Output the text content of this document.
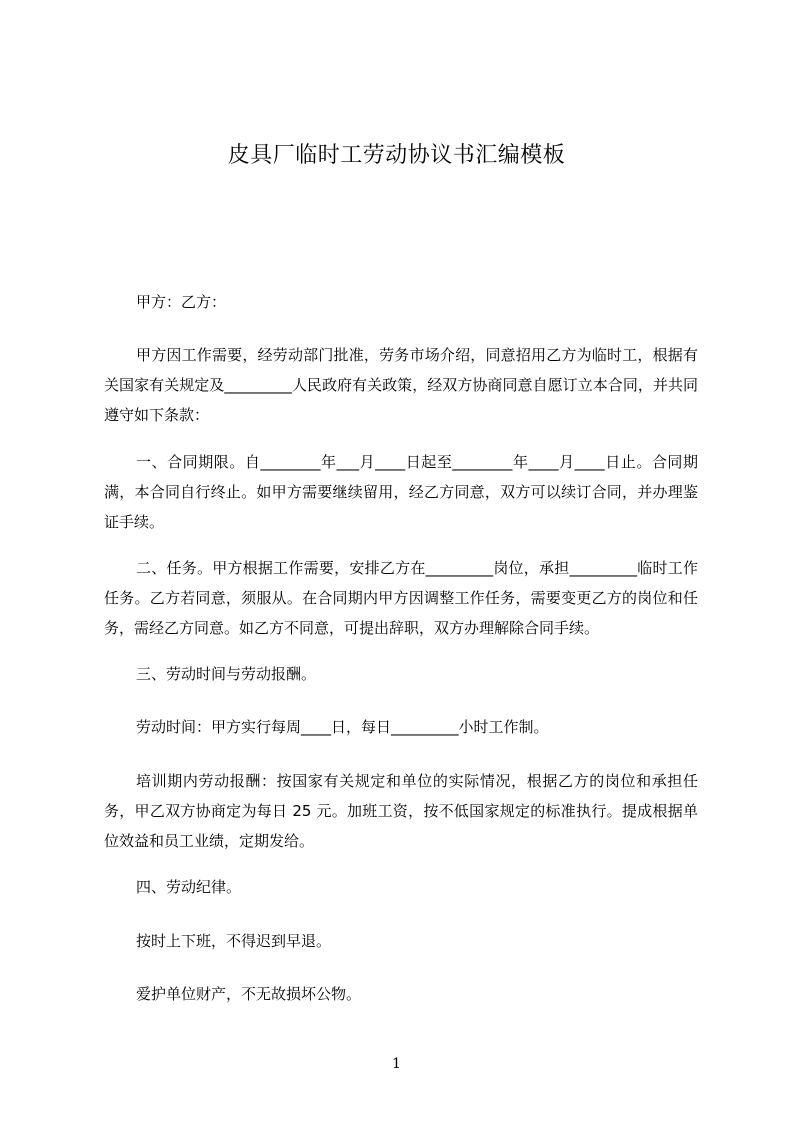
皮具厂临时工劳动协议书汇编模板

甲方：乙方：

甲方因工作需要，经劳动部门批准，劳务市场介绍，同意招用乙方为临时工，根据有关国家有关规定及_________人民政府有关政策，经双方协商同意自愿订立本合同，并共同遵守如下条款：

一、合同期限。自________年___月____日起至________年____月____日止。合同期满，本合同自行终止。如甲方需要继续留用，经乙方同意，双方可以续订合同，并办理鉴证手续。

二、任务。甲方根据工作需要，安排乙方在_________岗位，承担_________临时工作任务。乙方若同意，须服从。在合同期内甲方因调整工作任务，需要变更乙方的岗位和任务，需经乙方同意。如乙方不同意，可提出辞职，双方办理解除合同手续。

三、劳动时间与劳动报酬。

劳动时间：甲方实行每周____日，每日_________小时工作制。

培训期内劳动报酬：按国家有关规定和单位的实际情况，根据乙方的岗位和承担任务，甲乙双方协商定为每日 25 元。加班工资，按不低国家规定的标准执行。提成根据单位效益和员工业绩，定期发给。

四、劳动纪律。

按时上下班，不得迟到早退。

爱护单位财产，不无故损坏公物。

1
